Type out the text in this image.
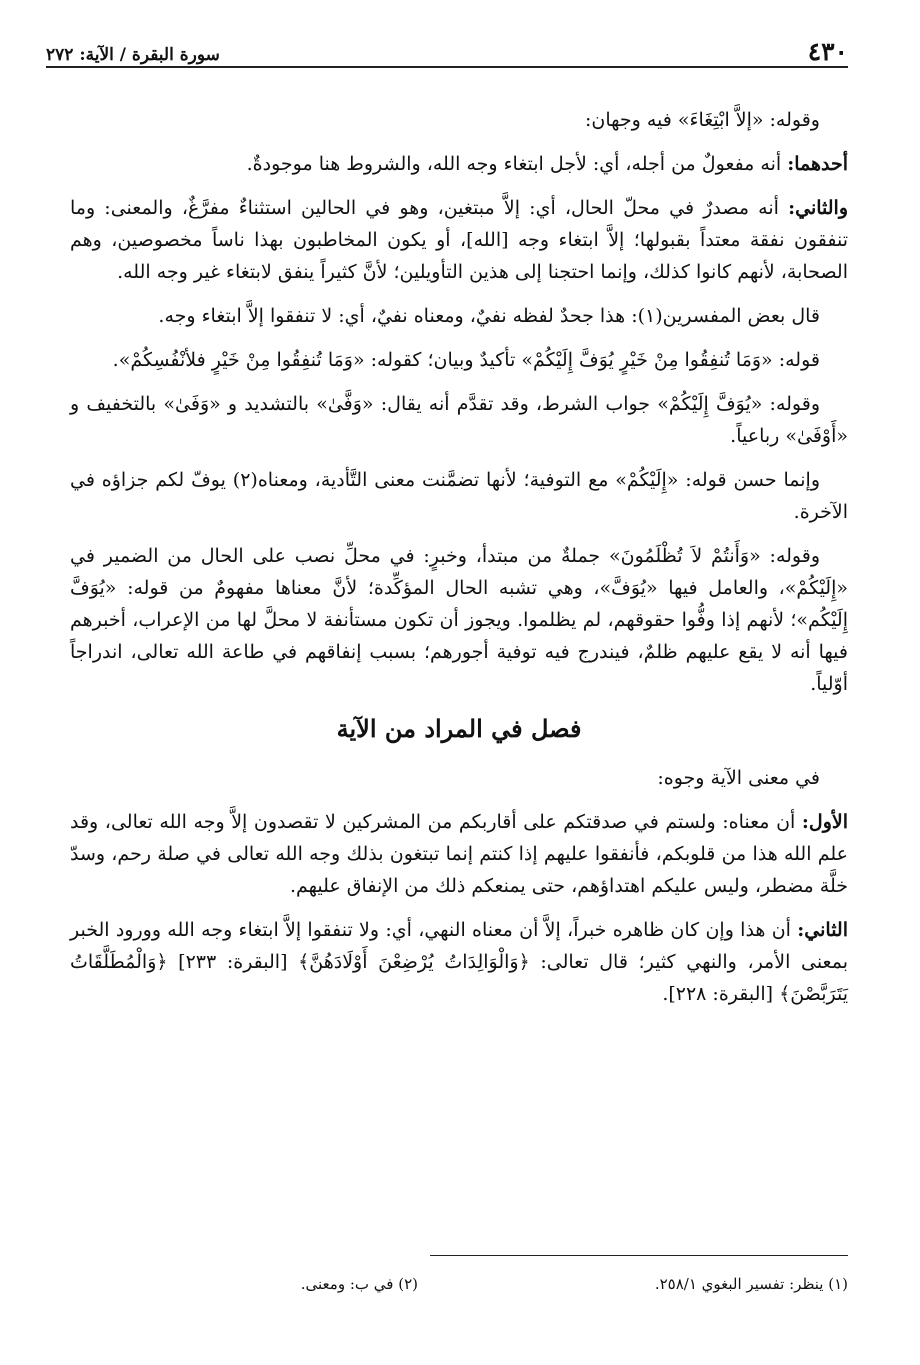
٤٣٠
سورة البقرة / الآية: ٢٧٢

وقوله: «إلاَّ ابْتِغَاءَ» فيه وجهان:

أحدهما: أنه مفعولٌ من أجله، أي: لأجل ابتغاء وجه الله، والشروط هنا موجودةٌ.

والثاني: أنه مصدرٌ في محلّ الحال، أي: إلاَّ مبتغين، وهو في الحالين استثناءٌ مفرَّغٌ، والمعنى: وما تنفقون نفقة معتداً بقبولها؛ إلاَّ ابتغاء وجه [الله]، أو يكون المخاطبون بهذا ناساً مخصوصين، وهم الصحابة، لأنهم كانوا كذلك، وإنما احتجنا إلى هذين التأويلين؛ لأنَّ كثيراً ينفق لابتغاء غير وجه الله.

قال بعض المفسرين(١): هذا جحدٌ لفظه نفيٌ، ومعناه نفيٌ، أي: لا تنفقوا إلاَّ ابتغاء وجه.

قوله: «وَمَا تُنفِقُوا مِنْ خَيْرٍ يُوَفَّ إِلَيْكُمْ» تأكيدٌ وبيان؛ كقوله: «وَمَا تُنفِقُوا مِنْ خَيْرٍ فلأنْفُسِكُمْ».

وقوله: «يُوَفَّ إِلَيْكُمْ» جواب الشرط، وقد تقدَّم أنه يقال: «وَفَّىٰ» بالتشديد و «وَفَىٰ» بالتخفيف و «أَوْفَىٰ» رباعياً.

وإنما حسن قوله: «إِلَيْكُمْ» مع التوفية؛ لأنها تضمَّنت معنى التَّأدية، ومعناه(٢) يوفّ لكم جزاؤه في الآخرة.

وقوله: «وَأَنتُمْ لاَ تُظْلَمُونَ» جملةٌ من مبتدأ، وخبرٍ: في محلِّ نصب على الحال من الضمير في «إِلَيْكُمْ»، والعامل فيها «يُوَفَّ»، وهي تشبه الحال المؤكِّدة؛ لأنَّ معناها مفهومٌ من قوله: «يُوَفَّ إِلَيْكُم»؛ لأنهم إذا وفُّوا حقوقهم، لم يظلموا. ويجوز أن تكون مستأنفة لا محلَّ لها من الإعراب، أخبرهم فيها أنه لا يقع عليهم ظلمٌ، فيندرج فيه توفية أجورهم؛ بسبب إنفاقهم في طاعة الله تعالى، اندراجاً أوّلياً.

فصل في المراد من الآية

في معنى الآية وجوه:

الأول: أن معناه: ولستم في صدقتكم على أقاربكم من المشركين لا تقصدون إلاَّ وجه الله تعالى، وقد علم الله هذا من قلوبكم، فأنفقوا عليهم إذا كنتم إنما تبتغون بذلك وجه الله تعالى في صلة رحم، وسدّ خلَّة مضطر، وليس عليكم اهتداؤهم، حتى يمنعكم ذلك من الإنفاق عليهم.

الثاني: أن هذا وإن كان ظاهره خبراً، إلاَّ أن معناه النهي، أي: ولا تنفقوا إلاَّ ابتغاء وجه الله وورود الخبر بمعنى الأمر، والنهي كثير؛ قال تعالى: ﴿وَالْوَالِدَاتُ يُرْضِعْنَ أَوْلَادَهُنَّ﴾ [البقرة: ٢٣٣] ﴿وَالْمُطَلَّقَاتُ يَتَرَبَّصْنَ﴾ [البقرة: ٢٢٨].

(١) ينظر: تفسير البغوي ٢٥٨/١.
(٢) في ب: ومعنى.
